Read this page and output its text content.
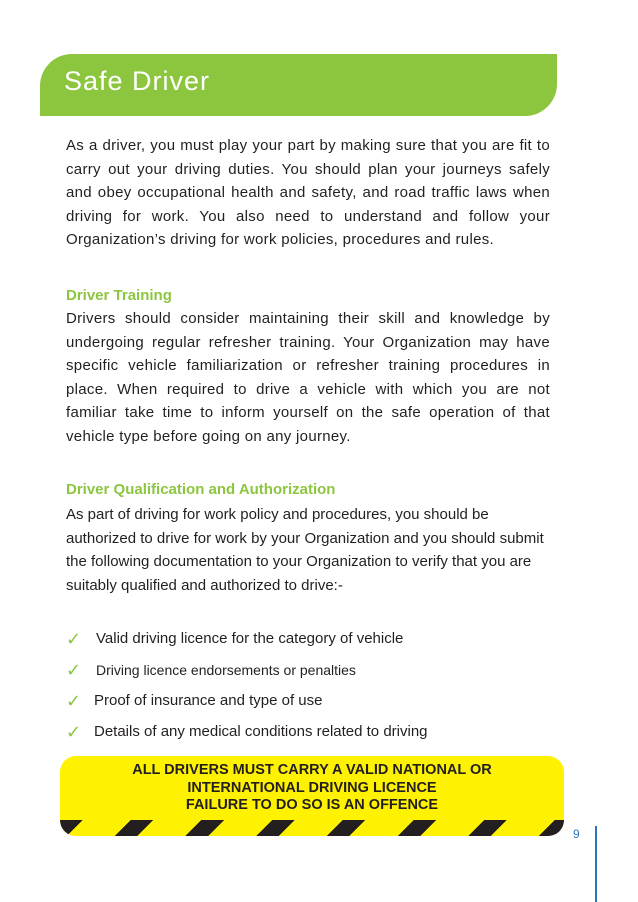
Safe Driver

As a driver, you must play your part by making sure that you are fit to carry out your driving duties. You should plan your journeys safely and obey occupational health and safety, and road traffic laws when driving for work. You also need to understand and follow your Organization’s driving for work policies, procedures and rules.

Driver Training

Drivers should consider maintaining their skill and knowledge by undergoing regular refresher training. Your Organization may have specific vehicle familiarization or refresher training procedures in place. When required to drive a vehicle with which you are not familiar take time to inform yourself on the safe operation of that vehicle type before going on any journey.

Driver Qualification and Authorization

As part of driving for work policy and procedures, you should be authorized to drive for work by your Organization and you should submit the following documentation to your Organization to verify that you are suitably qualified and authorized to drive:-

✓ Valid driving licence for the category of vehicle
✓ Driving licence endorsements or penalties
✓ Proof of insurance and type of use
✓ Details of any medical conditions related to driving

ALL DRIVERS MUST CARRY A VALID NATIONAL OR
INTERNATIONAL DRIVING LICENCE
FAILURE TO DO SO IS AN OFFENCE

9
